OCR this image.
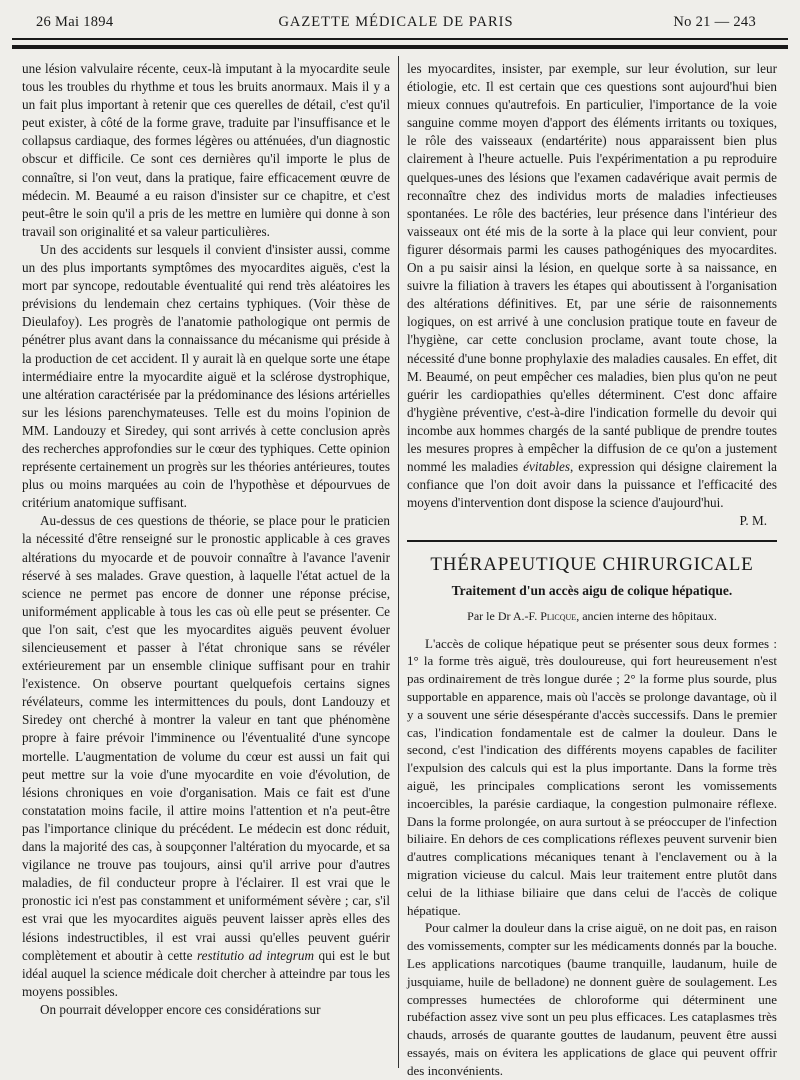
26 Mai 1894	GAZETTE MÉDICALE DE PARIS	No 21 — 243

une lésion valvulaire récente, ceux-là imputant à la myocardite seule tous les troubles du rhythme et tous les bruits anormaux. Mais il y a un fait plus important à retenir que ces querelles de détail, c'est qu'il peut exister, à côté de la forme grave, traduite par l'insuffisance et le collapsus cardiaque, des formes légères ou atténuées, d'un diagnostic obscur et difficile. Ce sont ces dernières qu'il importe le plus de connaître, si l'on veut, dans la pratique, faire efficacement œuvre de médecin. M. Beaumé a eu raison d'insister sur ce chapitre, et c'est peut-être le soin qu'il a pris de les mettre en lumière qui donne à son travail son originalité et sa valeur particulières.

Un des accidents sur lesquels il convient d'insister aussi, comme un des plus importants symptômes des myocardites aiguës, c'est la mort par syncope, redoutable éventualité qui rend très aléatoires les prévisions du lendemain chez certains typhiques. (Voir thèse de Dieulafoy). Les progrès de l'anatomie pathologique ont permis de pénétrer plus avant dans la connaissance du mécanisme qui préside à la production de cet accident. Il y aurait là en quelque sorte une étape intermédiaire entre la myocardite aiguë et la sclérose dystrophique, une altération caractérisée par la prédominance des lésions artérielles sur les lésions parenchymateuses. Telle est du moins l'opinion de MM. Landouzy et Siredey, qui sont arrivés à cette conclusion après des recherches approfondies sur le cœur des typhiques. Cette opinion représente certainement un progrès sur les théories antérieures, toutes plus ou moins marquées au coin de l'hypothèse et dépourvues de critérium anatomique suffisant.

Au-dessus de ces questions de théorie, se place pour le praticien la nécessité d'être renseigné sur le pronostic applicable à ces graves altérations du myocarde et de pouvoir connaître à l'avance l'avenir réservé à ses malades. Grave question, à laquelle l'état actuel de la science ne permet pas encore de donner une réponse précise, uniformément applicable à tous les cas où elle peut se présenter. Ce que l'on sait, c'est que les myocardites aiguës peuvent évoluer silencieusement et passer à l'état chronique sans se révéler extérieurement par un ensemble clinique suffisant pour en trahir l'existence. On observe pourtant quelquefois certains signes révélateurs, comme les intermittences du pouls, dont Landouzy et Siredey ont cherché à montrer la valeur en tant que phénomène propre à faire prévoir l'imminence ou l'éventualité d'une syncope mortelle. L'augmentation de volume du cœur est aussi un fait qui peut mettre sur la voie d'une myocardite en voie d'évolution, de lésions chroniques en voie d'organisation. Mais ce fait est d'une constatation moins facile, il attire moins l'attention et n'a peut-être pas l'importance clinique du précédent. Le médecin est donc réduit, dans la majorité des cas, à soupçonner l'altération du myocarde, et sa vigilance ne trouve pas toujours, ainsi qu'il arrive pour d'autres maladies, de fil conducteur propre à l'éclairer. Il est vrai que le pronostic ici n'est pas constamment et uniformément sévère ; car, s'il est vrai que les myocardites aiguës peuvent laisser après elles des lésions indestructibles, il est vrai aussi qu'elles peuvent guérir complètement et aboutir à cette restitutio ad integrum qui est le but idéal auquel la science médicale doit chercher à atteindre par tous les moyens possibles.

On pourrait développer encore ces considérations sur

les myocardites, insister, par exemple, sur leur évolution, sur leur étiologie, etc. Il est certain que ces questions sont aujourd'hui bien mieux connues qu'autrefois. En particulier, l'importance de la voie sanguine comme moyen d'apport des éléments irritants ou toxiques, le rôle des vaisseaux (endartérite) nous apparaissent bien plus clairement à l'heure actuelle. Puis l'expérimentation a pu reproduire quelques-unes des lésions que l'examen cadavérique avait permis de reconnaître chez des individus morts de maladies infectieuses spontanées. Le rôle des bactéries, leur présence dans l'intérieur des vaisseaux ont été mis de la sorte à la place qui leur convient, pour figurer désormais parmi les causes pathogéniques des myocardites. On a pu saisir ainsi la lésion, en quelque sorte à sa naissance, en suivre la filiation à travers les étapes qui aboutissent à l'organisation des altérations définitives. Et, par une série de raisonnements logiques, on est arrivé à une conclusion pratique toute en faveur de l'hygiène, car cette conclusion proclame, avant toute chose, la nécessité d'une bonne prophylaxie des maladies causales. En effet, dit M. Beaumé, on peut empêcher ces maladies, bien plus qu'on ne peut guérir les cardiopathies qu'elles déterminent. C'est donc affaire d'hygiène préventive, c'est-à-dire l'indication formelle du devoir qui incombe aux hommes chargés de la santé publique de prendre toutes les mesures propres à empêcher la diffusion de ce qu'on a justement nommé les maladies évitables, expression qui désigne clairement la confiance que l'on doit avoir dans la puissance et l'efficacité des moyens d'intervention dont dispose la science d'aujourd'hui.

P. M.

THÉRAPEUTIQUE CHIRURGICALE
Traitement d'un accès aigu de colique hépatique.
Par le Dr A.-F. Plicque, ancien interne des hôpitaux.

L'accès de colique hépatique peut se présenter sous deux formes : 1° la forme très aiguë, très douloureuse, qui fort heureusement n'est pas ordinairement de très longue durée ; 2° la forme plus sourde, plus supportable en apparence, mais où l'accès se prolonge davantage, où il y a souvent une série désespérante d'accès successifs. Dans le premier cas, l'indication fondamentale est de calmer la douleur. Dans le second, c'est l'indication des différents moyens capables de faciliter l'expulsion des calculs qui est la plus importante. Dans la forme très aiguë, les principales complications seront les vomissements incoercibles, la parésie cardiaque, la congestion pulmonaire réflexe. Dans la forme prolongée, on aura surtout à se préoccuper de l'infection biliaire. En dehors de ces complications réflexes peuvent survenir bien d'autres complications mécaniques tenant à l'enclavement ou à la migration vicieuse du calcul. Mais leur traitement entre plutôt dans celui de la lithiase biliaire que dans celui de l'accès de colique hépatique.

Pour calmer la douleur dans la crise aiguë, on ne doit pas, en raison des vomissements, compter sur les médicaments donnés par la bouche. Les applications narcotiques (baume tranquille, laudanum, huile de jusquiame, huile de belladone) ne donnent guère de soulagement. Les compresses humectées de chloroforme qui déterminent une rubéfaction assez vive sont un peu plus efficaces. Les cataplasmes très chauds, arrosés de quarante gouttes de laudanum, peuvent être aussi essayés, mais on évitera les applications de glace qui peuvent offrir des inconvénients.
